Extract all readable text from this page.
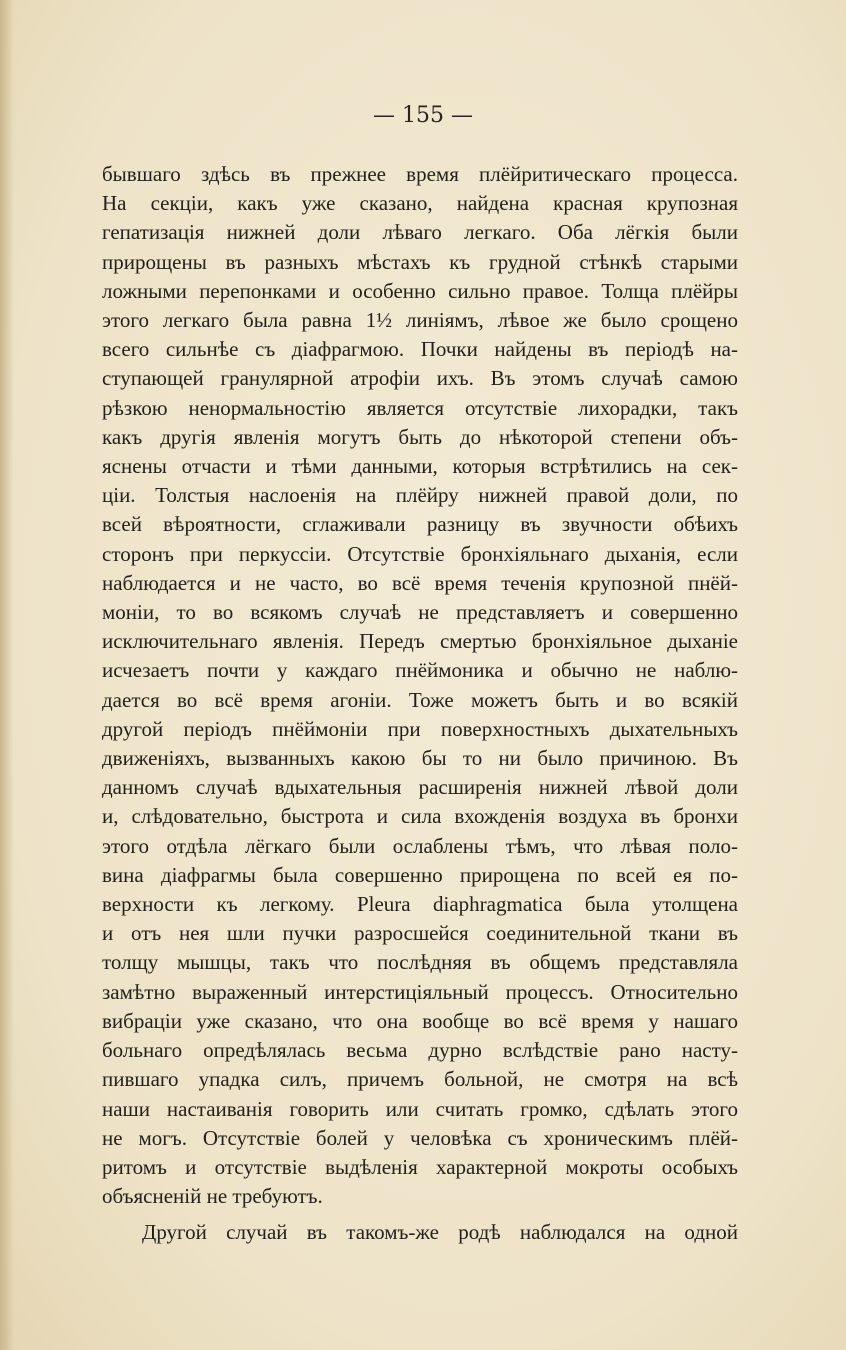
— 155 —
бывшаго здѣсь въ прежнее время плёйритическаго процесса.
На секціи, какъ уже сказано, найдена красная крупозная
гепатизація нижней доли лѣваго легкаго. Оба лёгкія были
прирощены въ разныхъ мѣстахъ къ грудной стѣнкѣ старыми
ложными перепонками и особенно сильно правое. Толща плёйры
этого легкаго была равна 1½ линіямъ, лѣвое же было срощено
всего сильнѣе съ діафрагмою. Почки найдены въ періодѣ на-
ступающей гранулярной атрофіи ихъ. Въ этомъ случаѣ самою
рѣзкою ненормальностію является отсутствіе лихорадки, такъ
какъ другія явленія могутъ быть до нѣкоторой степени объ-
яснены отчасти и тѣми данными, которыя встрѣтились на сек-
ціи. Толстыя наслоенія на плёйру нижней правой доли, по
всей вѣроятности, сглаживали разницу въ звучности обѣихъ
сторонъ при перкуссіи. Отсутствіе бронхіяльнаго дыханія, если
наблюдается и не часто, во всё время теченія крупозной пнёй-
моніи, то во всякомъ случаѣ не представляетъ и совершенно
исключительнаго явленія. Передъ смертью бронхіяльное дыханіе
исчезаетъ почти у каждаго пнёймоника и обычно не наблю-
дается во всё время агоніи. Тоже можетъ быть и во всякій
другой періодъ пнёймоніи при поверхностныхъ дыхательныхъ
движеніяхъ, вызванныхъ какою бы то ни было причиною. Въ
данномъ случаѣ вдыхательныя расширенія нижней лѣвой доли
и, слѣдовательно, быстрота и сила вхожденія воздуха въ бронхи
этого отдѣла лёгкаго были ослаблены тѣмъ, что лѣвая поло-
вина діафрагмы была совершенно прирощена по всей ея по-
верхности къ легкому. Pleura diaphragmatica была утолщена
и отъ нея шли пучки разросшейся соединительной ткани въ
толщу мышцы, такъ что послѣдняя въ общемъ представляла
замѣтно выраженный интерстиціяльный процессъ. Относительно
вибраціи уже сказано, что она вообще во всё время у нашаго
больнаго опредѣлялась весьма дурно вслѣдствіе рано насту-
пившаго упадка силъ, причемъ больной, не смотря на всѣ
наши настаиванія говорить или считать громко, сдѣлать этого
не могъ. Отсутствіе болей у человѣка съ хроническимъ плёй-
ритомъ и отсутствіе выдѣленія характерной мокроты особыхъ
объясненій не требуютъ.
Другой случай въ такомъ-же родѣ наблюдался на одной
